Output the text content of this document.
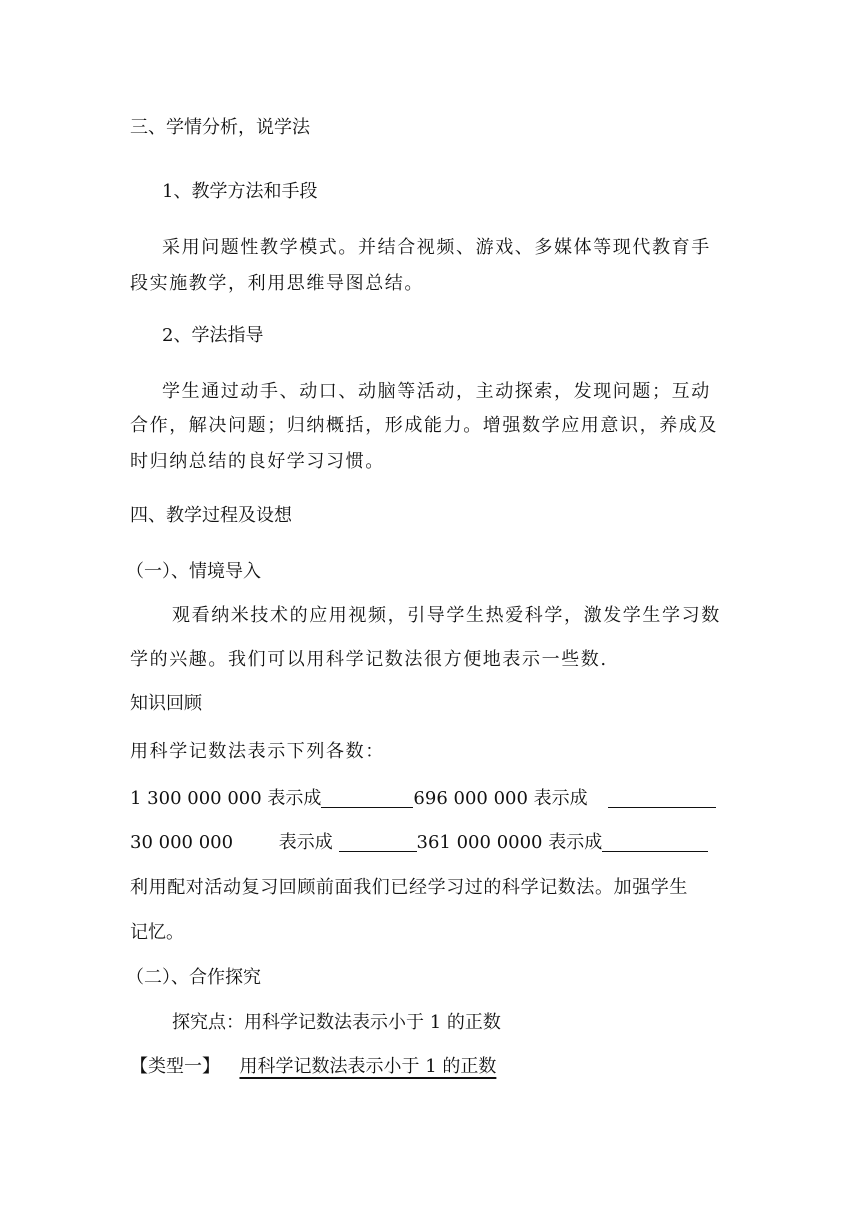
三、学情分析，说学法
1、教学方法和手段
采用问题性教学模式。并结合视频、游戏、多媒体等现代教育手
段实施教学，利用思维导图总结。
2、学法指导
学生通过动手、动口、动脑等活动，主动探索，发现问题；互动
合作，解决问题；归纳概括，形成能力。增强数学应用意识，养成及
时归纳总结的良好学习习惯。
四、教学过程及设想
（一）、情境导入
观看纳米技术的应用视频，引导学生热爱科学，激发学生学习数
学的兴趣。我们可以用科学记数法很方便地表示一些数.
知识回顾
用科学记数法表示下列各数：
1 300 000 000 表示成	696 000 000 表示成
30 000 000	表示成	361 000 0000 表示成
利用配对活动复习回顾前面我们已经学习过的科学记数法。加强学生
记忆。
（二）、合作探究
探究点：用科学记数法表示小于 1 的正数
【类型一】 用科学记数法表示小于 1 的正数
